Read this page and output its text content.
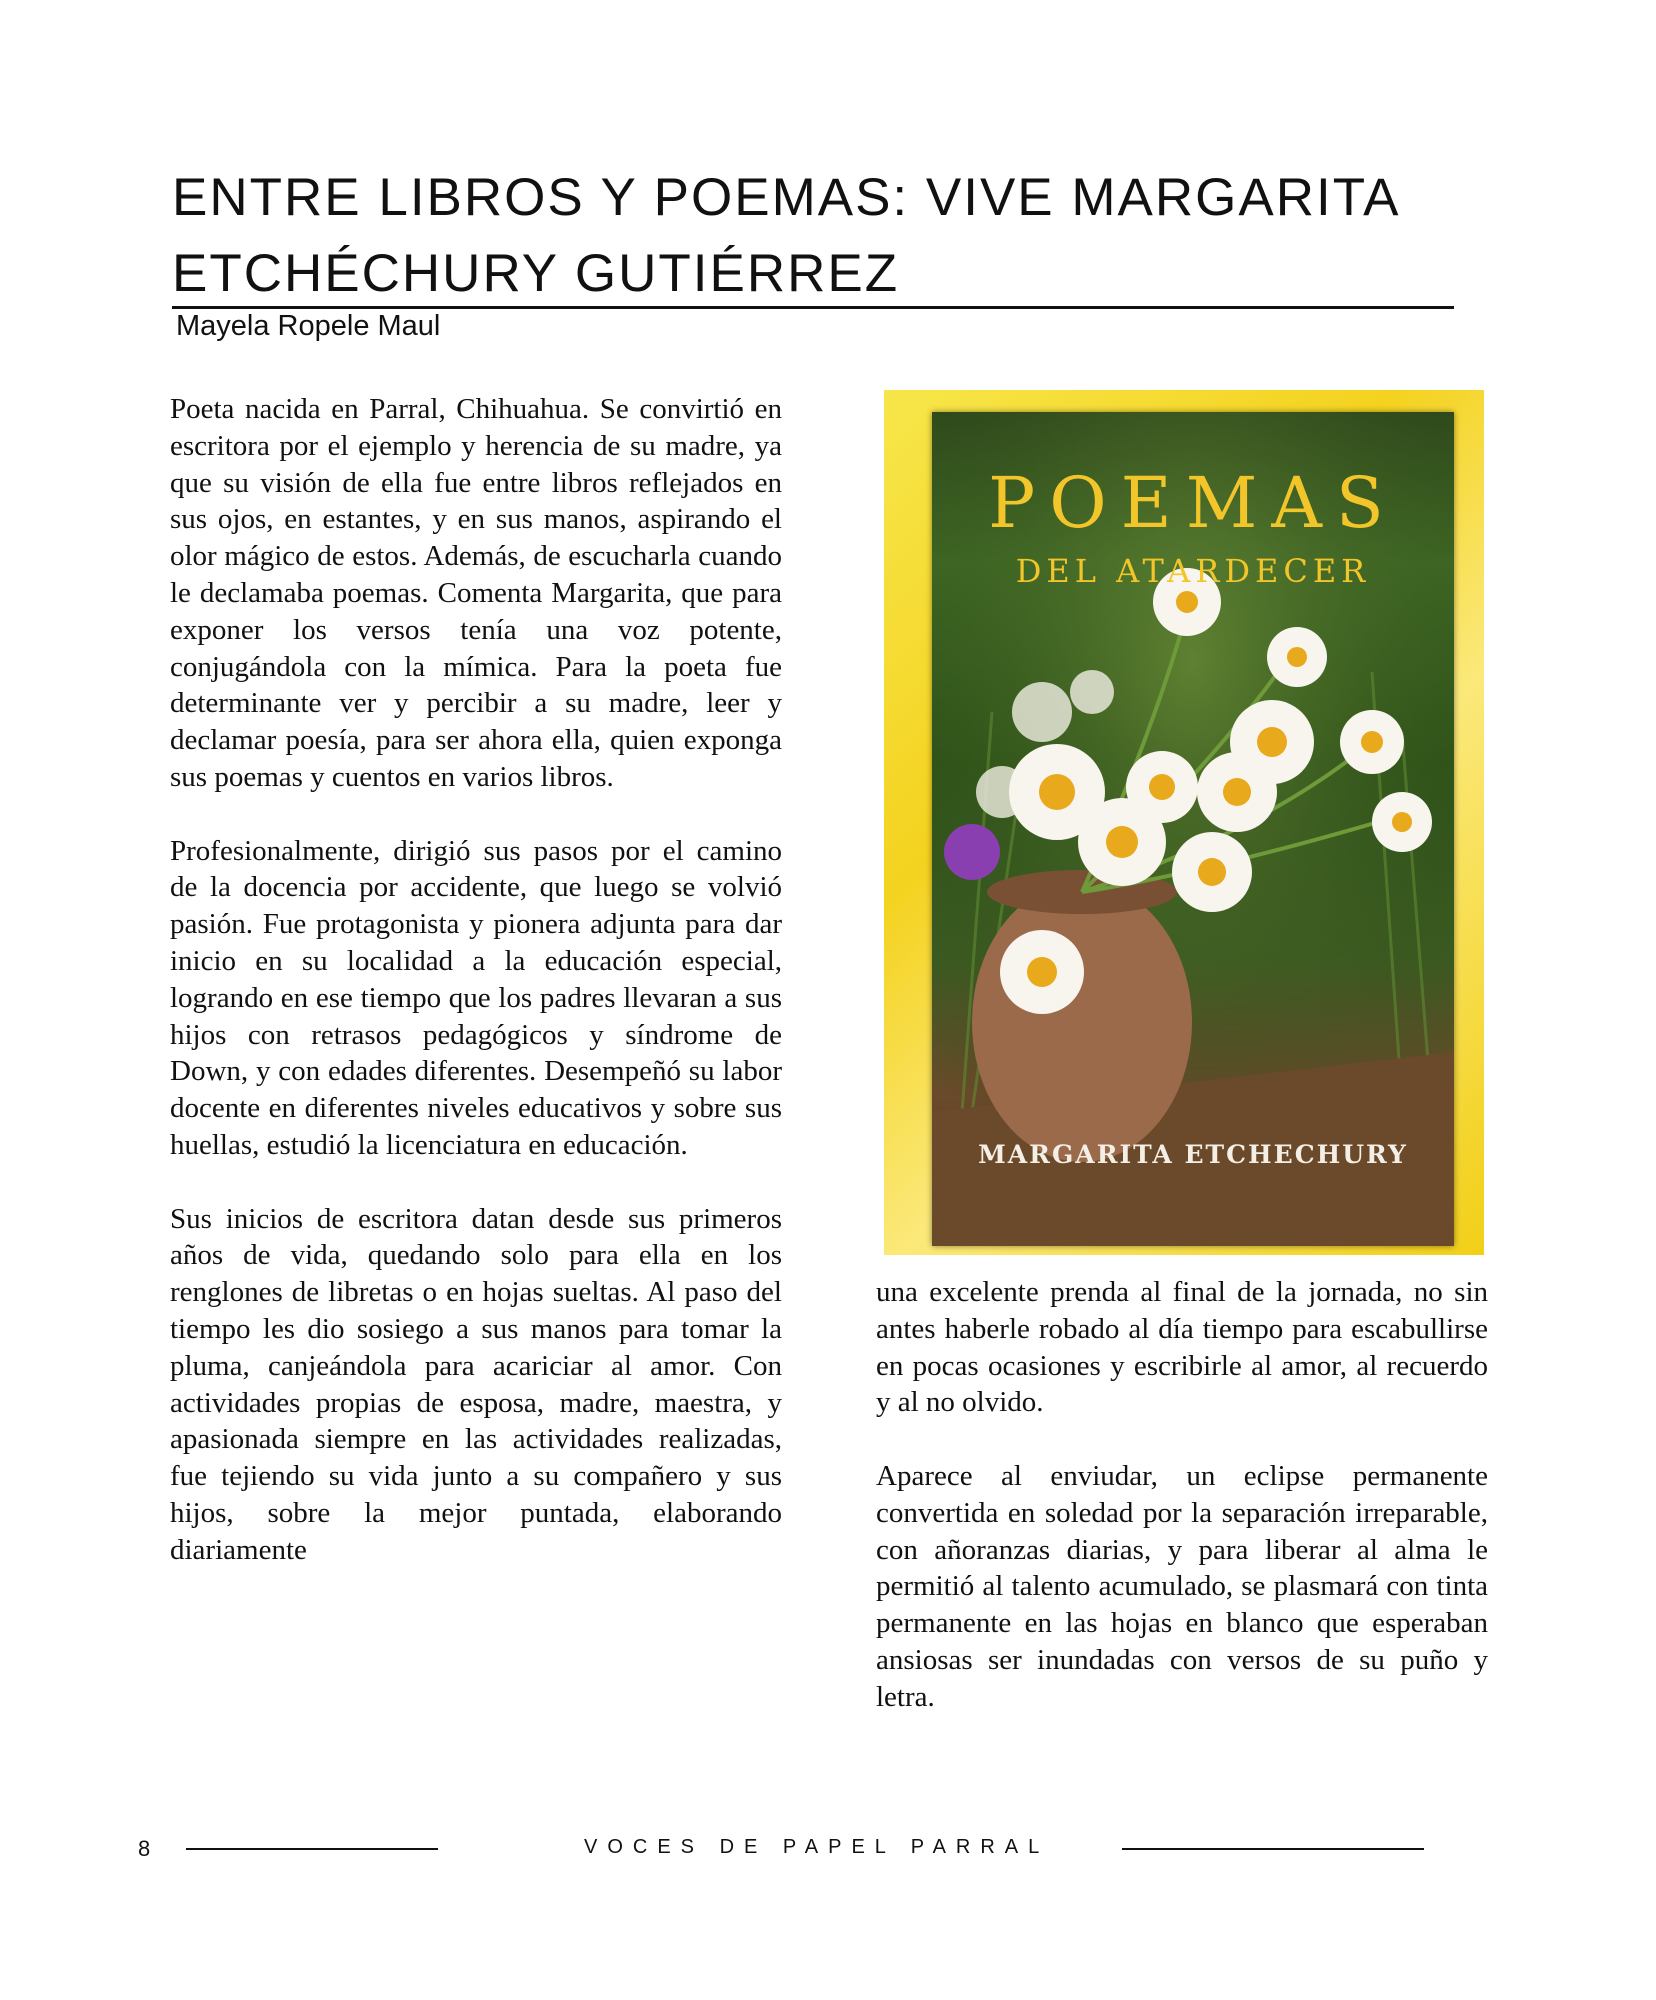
ENTRE LIBROS Y POEMAS: VIVE MARGARITA ETCHÉCHURY GUTIÉRREZ
Mayela Ropele Maul

Poeta nacida en Parral, Chihuahua. Se convirtió en escritora por el ejemplo y herencia de su madre, ya que su visión de ella fue entre libros reflejados en sus ojos, en estantes, y en sus manos, aspirando el olor mágico de estos. Además, de escucharla cuando le declamaba poemas. Comenta Margarita, que para exponer los versos tenía una voz potente, conjugándola con la mímica. Para la poeta fue determinante ver y percibir a su madre, leer y declamar poesía, para ser ahora ella, quien exponga sus poemas y cuentos en varios libros.

Profesionalmente, dirigió sus pasos por el camino de la docencia por accidente, que luego se volvió pasión. Fue protagonista y pionera adjunta para dar inicio en su localidad a la educación especial, logrando en ese tiempo que los padres llevaran a sus hijos con retrasos pedagógicos y síndrome de Down, y con edades diferentes. Desempeñó su labor docente en diferentes niveles educativos y sobre sus huellas, estudió la licenciatura en educación.

Sus inicios de escritora datan desde sus primeros años de vida, quedando solo para ella en los renglones de libretas o en hojas sueltas. Al paso del tiempo les dio sosiego a sus manos para tomar la pluma, canjeándola para acariciar al amor. Con actividades propias de esposa, madre, maestra, y apasionada siempre en las actividades realizadas, fue tejiendo su vida junto a su compañero y sus hijos, sobre la mejor puntada, elaborando diariamente

POEMAS
DEL ATARDECER
MARGARITA ETCHECHURY

una excelente prenda al final de la jornada, no sin antes haberle robado al día tiempo para escabullirse en pocas ocasiones y escribirle al amor, al recuerdo y al no olvido.

Aparece al enviudar, un eclipse permanente convertida en soledad por la separación irreparable, con añoranzas diarias, y para liberar al alma le permitió al talento acumulado, se plasmará con tinta permanente en las hojas en blanco que esperaban ansiosas ser inundadas con versos de su puño y letra.

8	VOCES DE PAPEL PARRAL
